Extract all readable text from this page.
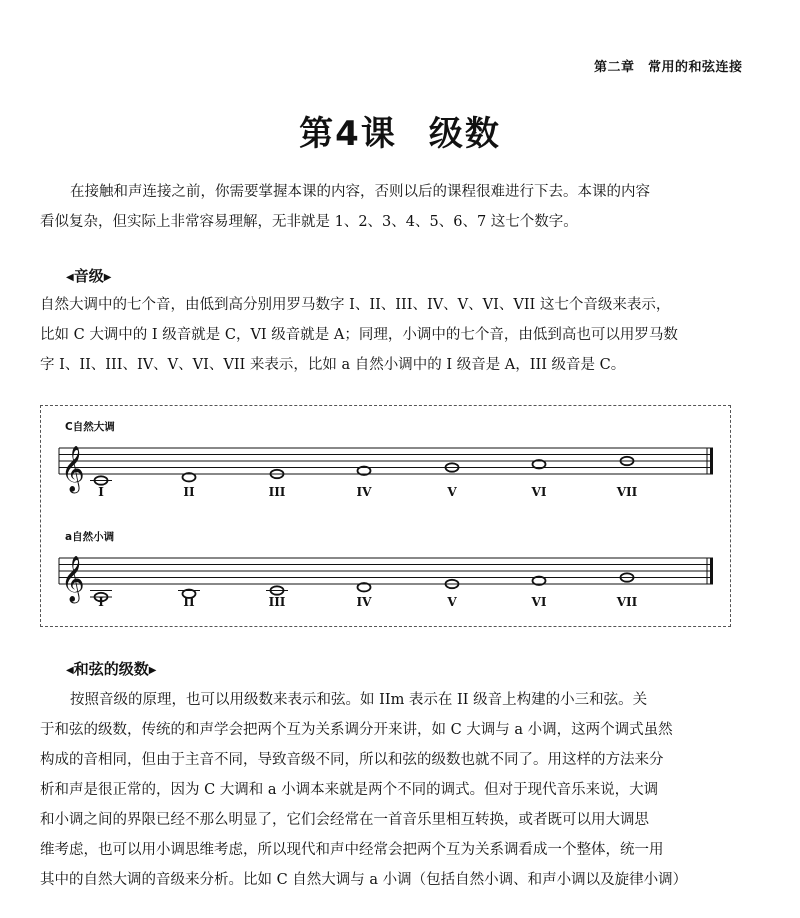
第二章　常用的和弦连接
第4课 级数
在接触和声连接之前，你需要掌握本课的内容，否则以后的课程很难进行下去。本课的内容
看似复杂，但实际上非常容易理解，无非就是 1、2、3、4、5、6、7 这七个数字。
◀音级▶
自然大调中的七个音，由低到高分别用罗马数字 I、II、III、IV、V、VI、VII 这七个音级来表示，
比如 C 大调中的 I 级音就是 C，VI 级音就是 A；同理，小调中的七个音，由低到高也可以用罗马数
字 I、II、III、IV、V、VI、VII 来表示，比如 a 自然小调中的 I 级音是 A，III 级音是 C。
C自然大调
a自然小调
𝄞 I	II	III	IV	V	VI	VII
𝄞 I	II	III	IV	V	VI	VII
◀和弦的级数▶
按照音级的原理，也可以用级数来表示和弦。如 IIm 表示在 II 级音上构建的小三和弦。关
于和弦的级数，传统的和声学会把两个互为关系调分开来讲，如 C 大调与 a 小调，这两个调式虽然
构成的音相同，但由于主音不同，导致音级不同，所以和弦的级数也就不同了。用这样的方法来分
析和声是很正常的，因为 C 大调和 a 小调本来就是两个不同的调式。但对于现代音乐来说，大调
和小调之间的界限已经不那么明显了，它们会经常在一首音乐里相互转换，或者既可以用大调思
维考虑，也可以用小调思维考虑，所以现代和声中经常会把两个互为关系调看成一个整体，统一用
其中的自然大调的音级来分析。比如 C 自然大调与 a 小调（包括自然小调、和声小调以及旋律小调）
